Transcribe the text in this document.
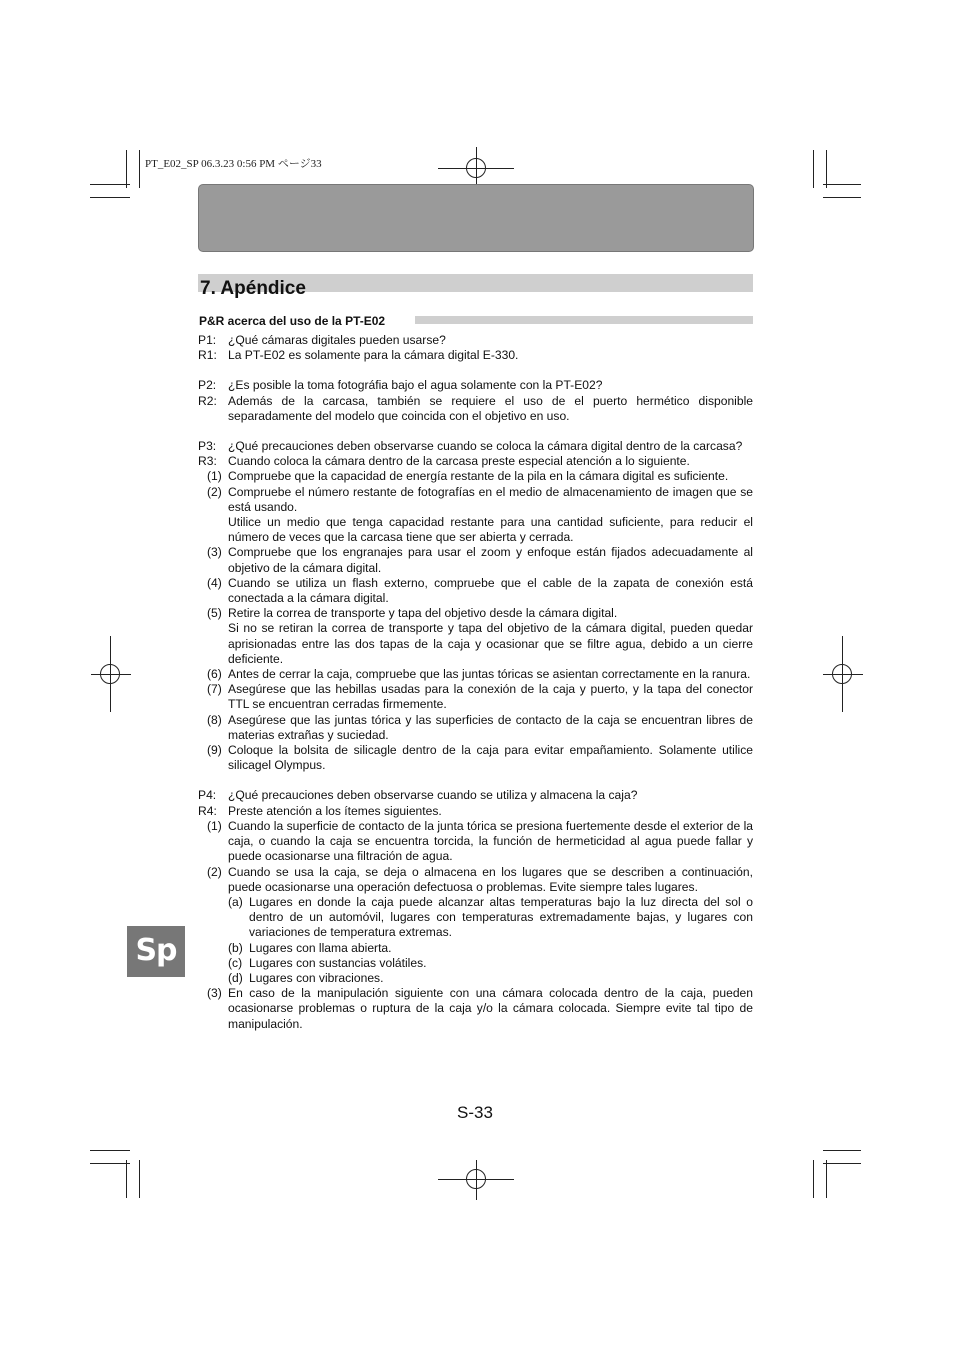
PT_E02_SP 06.3.23 0:56 PM ページ33
7. Apéndice
P&R acerca del uso de la PT-E02
P1: ¿Qué cámaras digitales pueden usarse?
R1: La PT-E02 es solamente para la cámara digital E-330.
P2: ¿Es posible la toma fotográfia bajo el agua solamente con la PT-E02?
R2: Además de la carcasa, también se requiere el uso de el puerto hermético disponible separadamente del modelo que coincida con el objetivo en uso.
P3: ¿Qué precauciones deben observarse cuando se coloca la cámara digital dentro de la carcasa?
R3: Cuando coloca la cámara dentro de la carcasa preste especial atención a lo siguiente.
(1) Compruebe que la capacidad de energía restante de la pila en la cámara digital es suficiente.
(2) Compruebe el número restante de fotografías en el medio de almacenamiento de imagen que se está usando.
Utilice un medio que tenga capacidad restante para una cantidad suficiente, para reducir el número de veces que la carcasa tiene que ser abierta y cerrada.
(3) Compruebe que los engranajes para usar el zoom y enfoque están fijados adecuadamente al objetivo de la cámara digital.
(4) Cuando se utiliza un flash externo, compruebe que el cable de la zapata de conexión está conectada a la cámara digital.
(5) Retire la correa de transporte y tapa del objetivo desde la cámara digital.
Si no se retiran la correa de transporte y tapa del objetivo de la cámara digital, pueden quedar aprisionadas entre las dos tapas de la caja y ocasionar que se filtre agua, debido a un cierre deficiente.
(6) Antes de cerrar la caja, compruebe que las juntas tóricas se asientan correctamente en la ranura.
(7) Asegúrese que las hebillas usadas para la conexión de la caja y puerto, y la tapa del conector TTL se encuentran cerradas firmemente.
(8) Asegúrese que las juntas tórica y las superficies de contacto de la caja se encuentran libres de materias extrañas y suciedad.
(9) Coloque la bolsita de silicagle dentro de la caja para evitar empañamiento. Solamente utilice silicagel Olympus.
P4: ¿Qué precauciones deben observarse cuando se utiliza y almacena la caja?
R4: Preste atención a los ítemes siguientes.
(1) Cuando la superficie de contacto de la junta tórica se presiona fuertemente desde el exterior de la caja, o cuando la caja se encuentra torcida, la función de hermeticidad al agua puede fallar y puede ocasionarse una filtración de agua.
(2) Cuando se usa la caja, se deja o almacena en los lugares que se describen a continuación, puede ocasionarse una operación defectuosa o problemas. Evite siempre tales lugares.
(a) Lugares en donde la caja puede alcanzar altas temperaturas bajo la luz directa del sol o dentro de un automóvil, lugares con temperaturas extremadamente bajas, y lugares con variaciones de temperatura extremas.
(b) Lugares con llama abierta.
(c) Lugares con sustancias volátiles.
(d) Lugares con vibraciones.
(3) En caso de la manipulación siguiente con una cámara colocada dentro de la caja, pueden ocasionarse problemas o ruptura de la caja y/o la cámara colocada. Siempre evite tal tipo de manipulación.
Sp
S-33
